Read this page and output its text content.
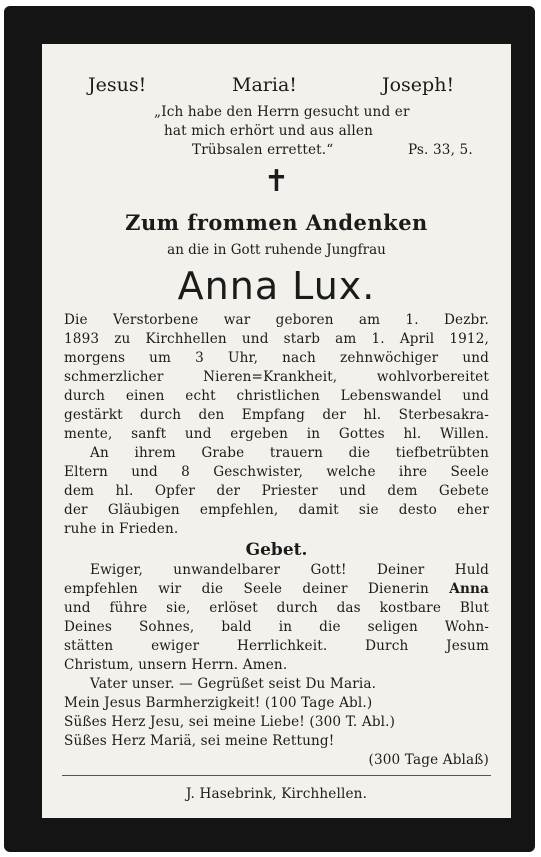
Jesus!	Maria!	Joseph!
„Ich habe den Herrn gesucht und er
hat mich erhört und aus allen
Trübsalen errettet.“	Ps. 33, 5.
✝
Zum frommen Andenken
an die in Gott ruhende Jungfrau
Anna Lux.
Die Verstorbene war geboren am 1. Dezbr.
1893 zu Kirchhellen und starb am 1. April 1912,
morgens um 3 Uhr, nach zehnwöchiger und
schmerzlicher Nieren=Krankheit, wohlvorbereitet
durch einen echt christlichen Lebenswandel und
gestärkt durch den Empfang der hl. Sterbesakra-
mente, sanft und ergeben in Gottes hl. Willen.
An ihrem Grabe trauern die tiefbetrübten
Eltern und 8 Geschwister, welche ihre Seele
dem hl. Opfer der Priester und dem Gebete
der Gläubigen empfehlen, damit sie desto eher
ruhe in Frieden.
Gebet.
Ewiger, unwandelbarer Gott! Deiner Huld
empfehlen wir die Seele deiner Dienerin Anna
und führe sie, erlöset durch das kostbare Blut
Deines Sohnes, bald in die seligen Wohn-
stätten ewiger Herrlichkeit. Durch Jesum
Christum, unsern Herrn. Amen.
Vater unser. — Gegrüßet seist Du Maria.
Mein Jesus Barmherzigkeit! (100 Tage Abl.)
Süßes Herz Jesu, sei meine Liebe! (300 T. Abl.)
Süßes Herz Mariä, sei meine Rettung!
(300 Tage Ablaß)
J. Hasebrink, Kirchhellen.
